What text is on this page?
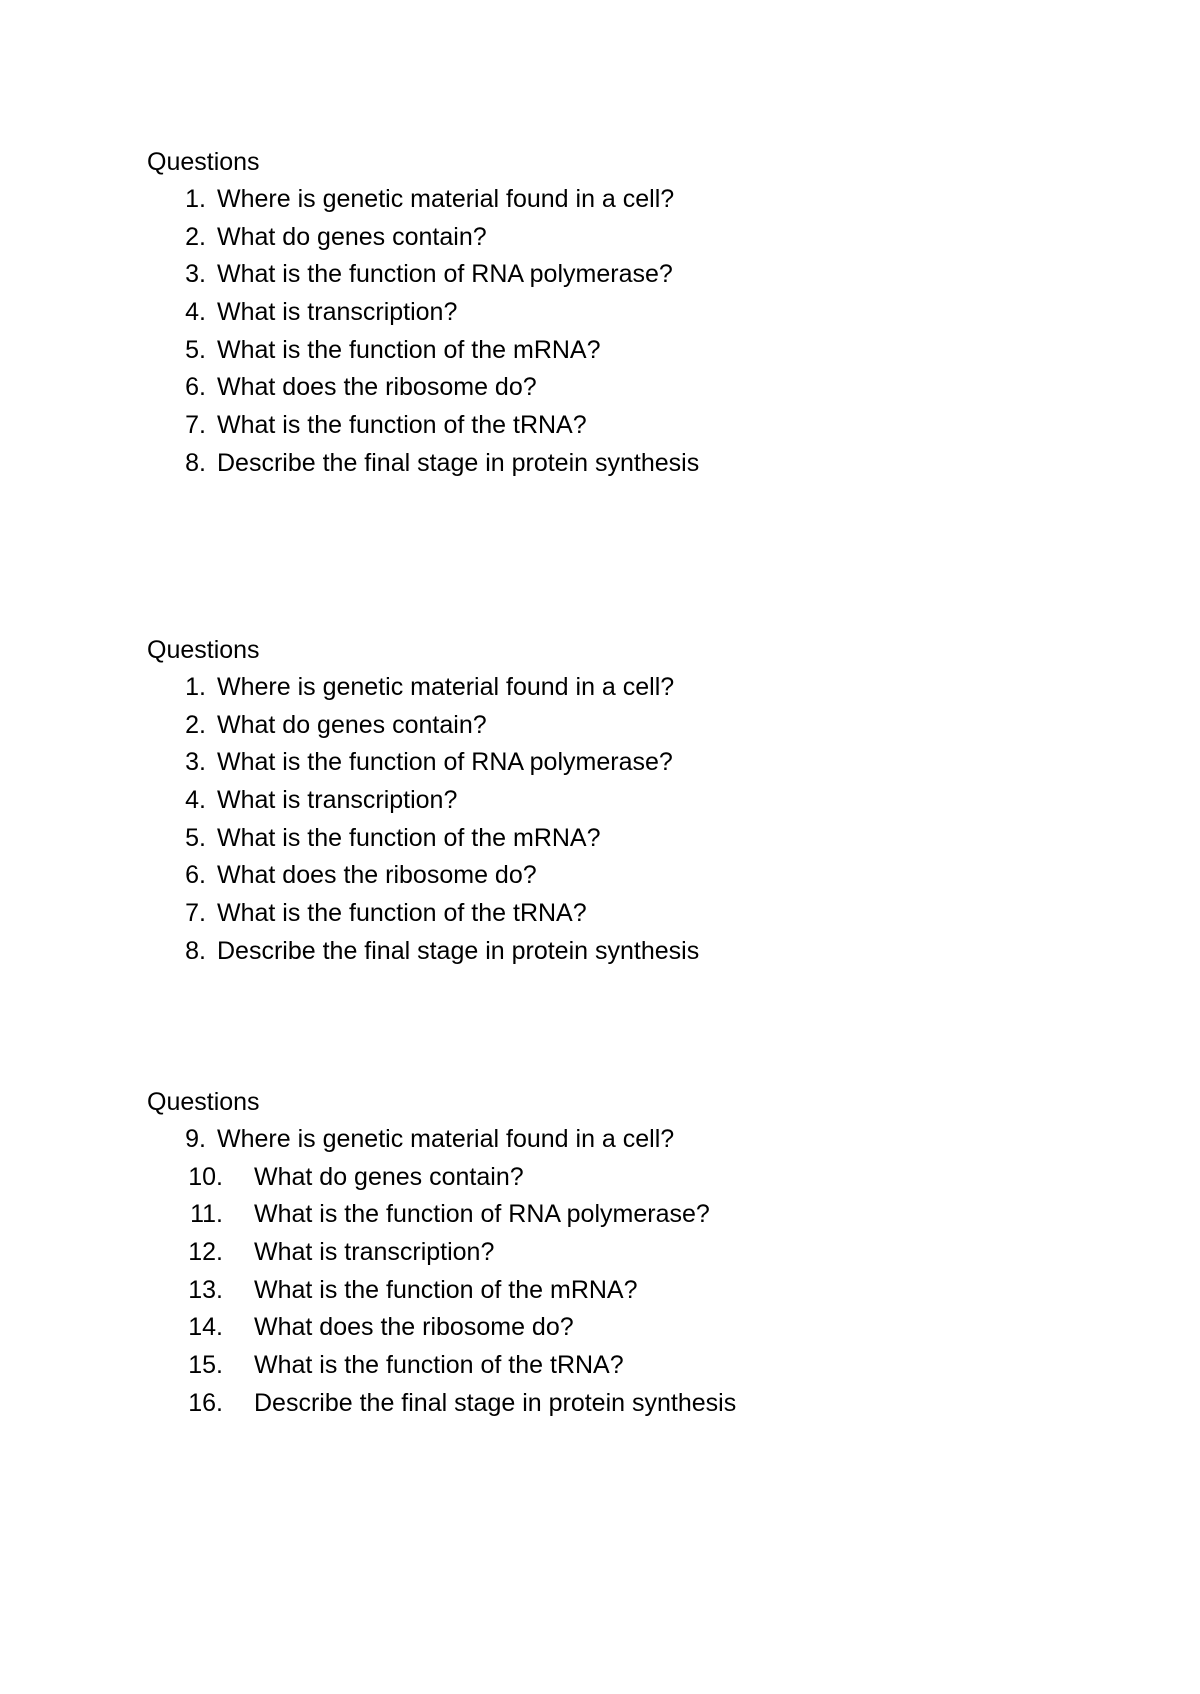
Questions
1. Where is genetic material found in a cell?
2. What do genes contain?
3. What is the function of RNA polymerase?
4. What is transcription?
5. What is the function of the mRNA?
6. What does the ribosome do?
7. What is the function of the tRNA?
8. Describe the final stage in protein synthesis
Questions
1. Where is genetic material found in a cell?
2. What do genes contain?
3. What is the function of RNA polymerase?
4. What is transcription?
5. What is the function of the mRNA?
6. What does the ribosome do?
7. What is the function of the tRNA?
8. Describe the final stage in protein synthesis
Questions
9. Where is genetic material found in a cell?
10.	What do genes contain?
11.	What is the function of RNA polymerase?
12.	What is transcription?
13.	What is the function of the mRNA?
14.	What does the ribosome do?
15.	What is the function of the tRNA?
16.	Describe the final stage in protein synthesis
